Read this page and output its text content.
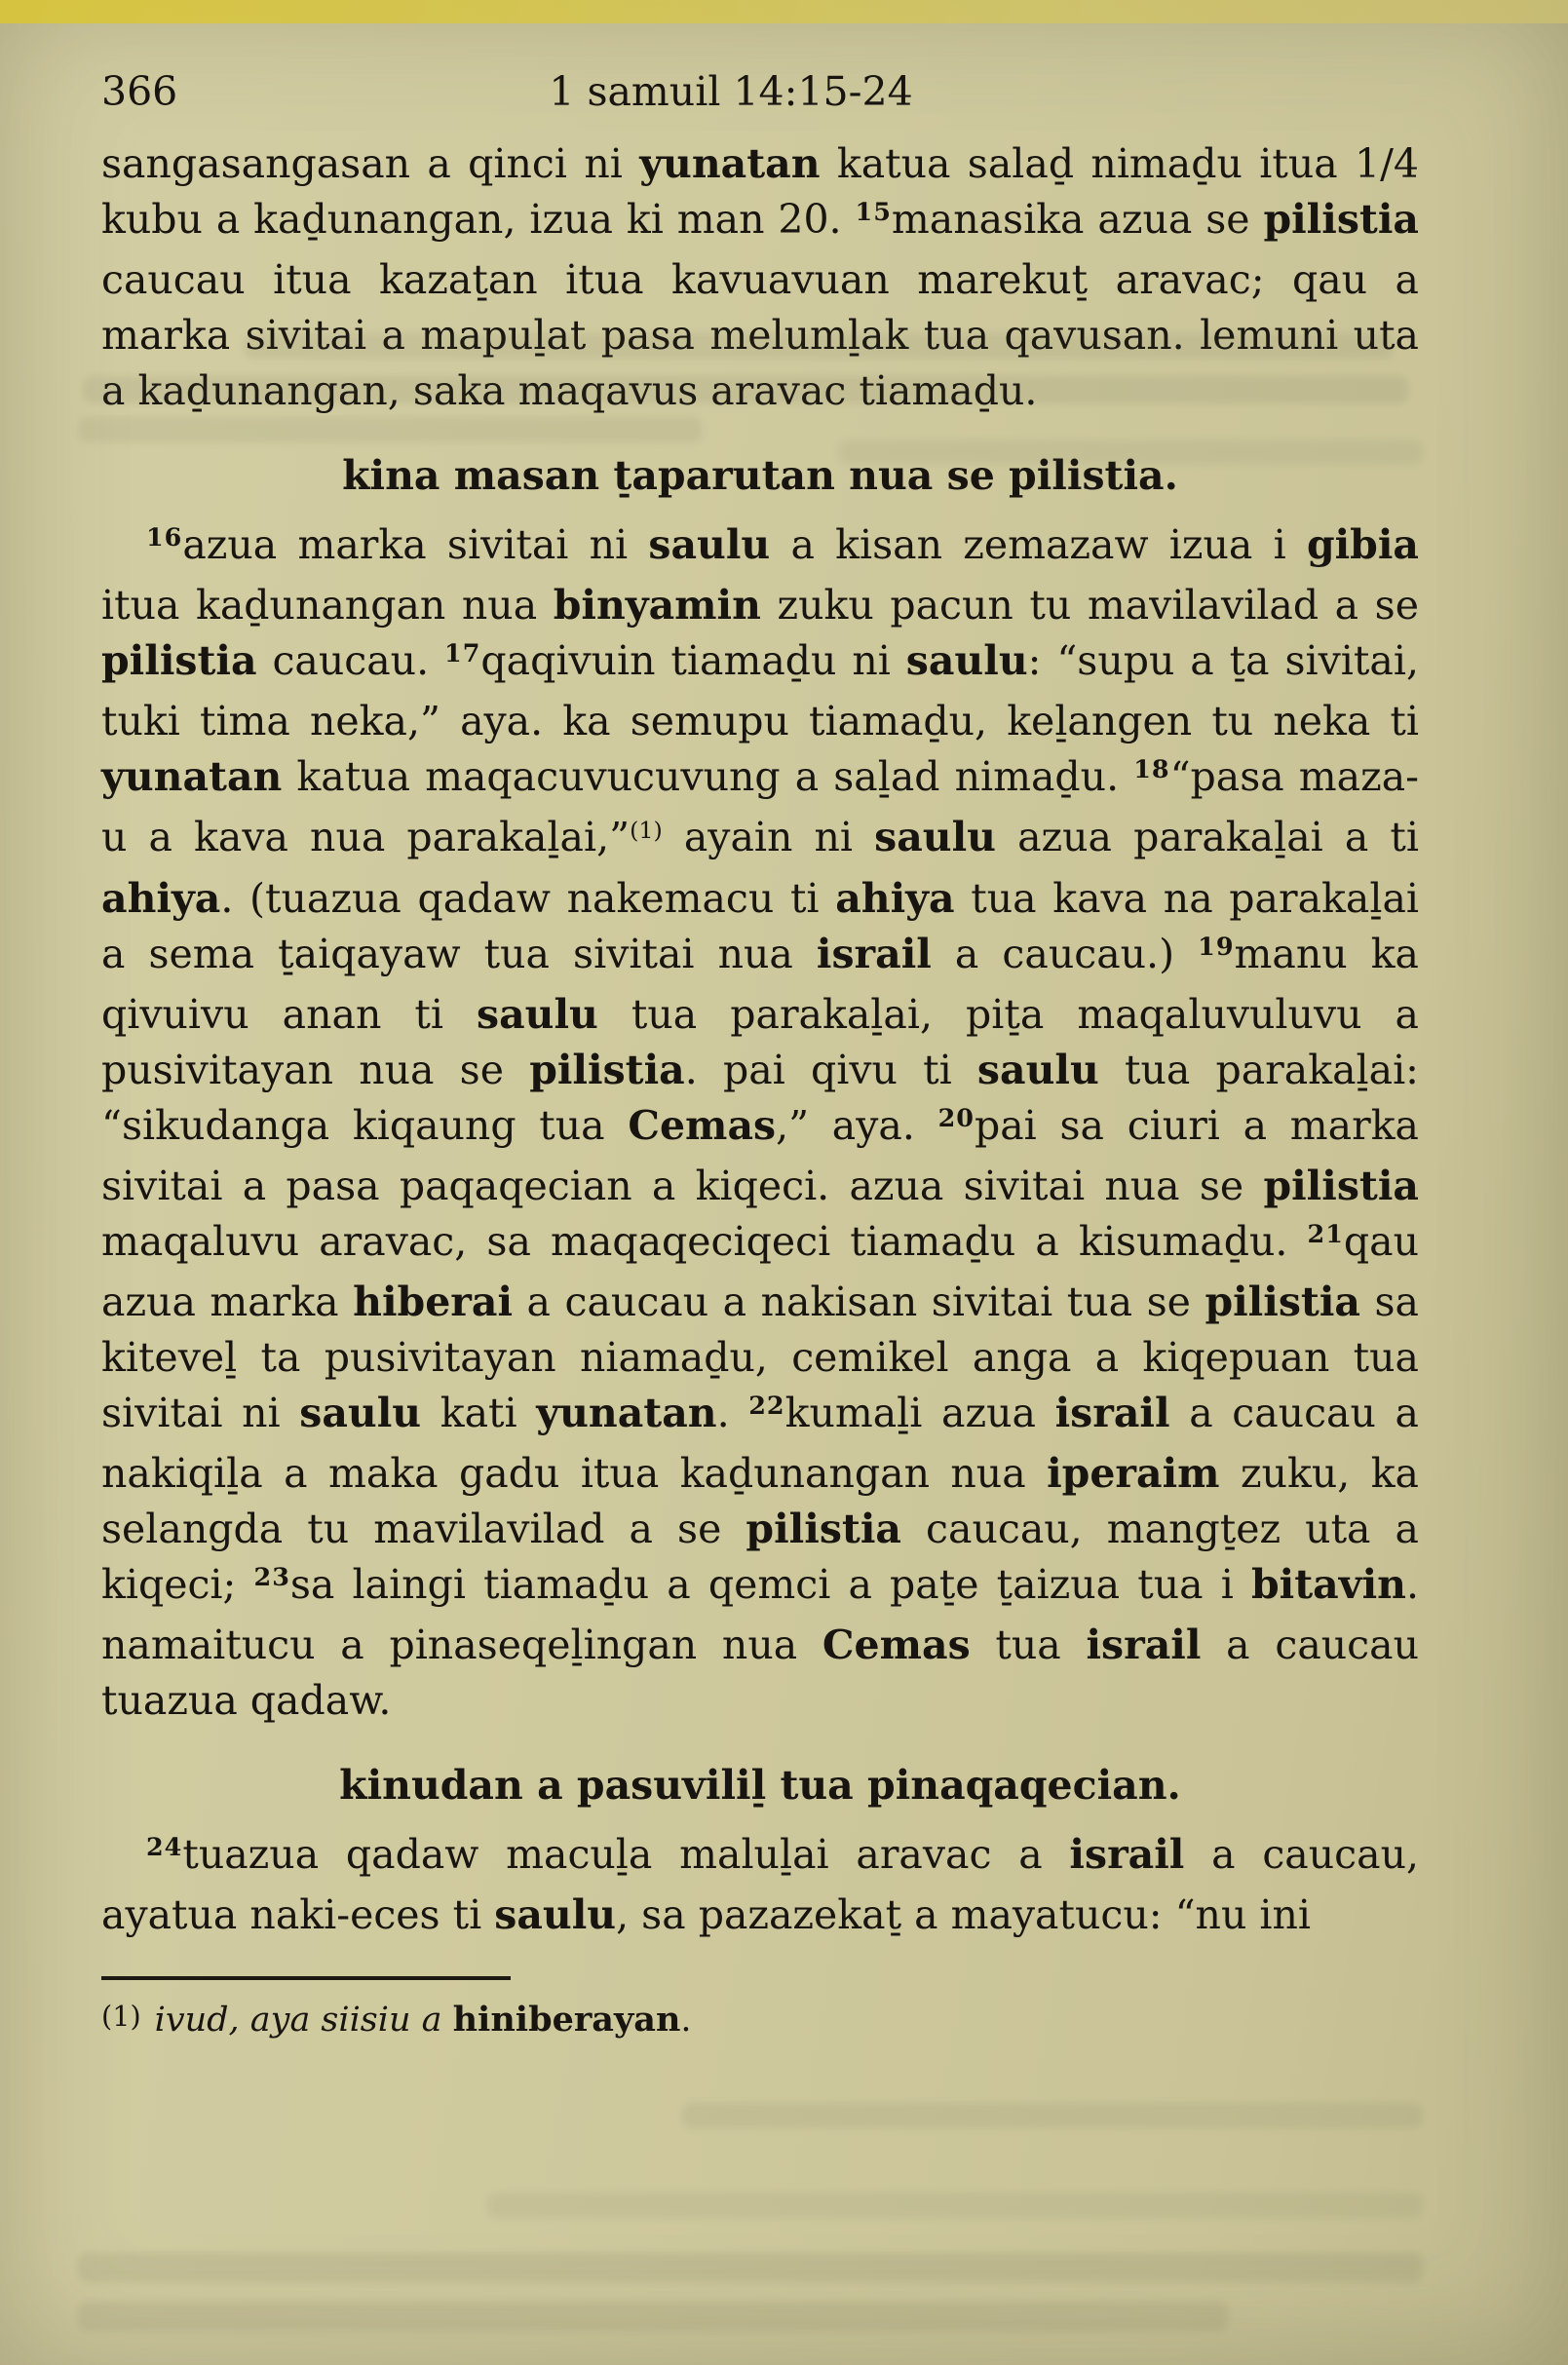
366	1 samuil 14:15-24

sangasangasan a qinci ni yunatan katua salad̠ nimad̠u itua 1/4 kubu a kad̠unangan, izua ki man 20. $^{15}$manasika azua se pilistia caucau itua kazat̠an itua kavuavuan marekut̠ aravac; qau a marka sivitai a mapul̠at pasa meluml̠ak tua qavusan. lemuni uta a kad̠unangan, saka maqavus aravac tiamad̠u.

kina masan t̠aparutan nua se pilistia.

$^{16}$azua marka sivitai ni saulu a kisan zemazaw izua i gibia itua kad̠unangan nua binyamin zuku pacun tu mavilavilad a se pilistia caucau. $^{17}$qaqivuin tiamad̠u ni saulu: “supu a t̠a sivitai, tuki tima neka,” aya. ka semupu tiamad̠u, kel̠angen tu neka ti yunatan katua maqacuvucuvung a sal̠ad nimad̠u. $^{18}$“pasa maza-u a kava nua parakal̠ai,”$^{(1)}$ ayain ni saulu azua parakal̠ai a ti ahiya. (tuazua qadaw nakemacu ti ahiya tua kava na parakal̠ai a sema t̠aiqayaw tua sivitai nua israil a caucau.) $^{19}$manu ka qivuivu anan ti saulu tua parakal̠ai, pit̠a maqaluvuluvu a pusivitayan nua se pilistia. pai qivu ti saulu tua parakal̠ai: “sikudanga kiqaung tua Cemas,” aya. $^{20}$pai sa ciuri a marka sivitai a pasa paqaqecian a kiqeci. azua sivitai nua se pilistia maqaluvu aravac, sa maqaqeciqeci tiamad̠u a kisumad̠u. $^{21}$qau azua marka hiberai a caucau a nakisan sivitai tua se pilistia sa kitevel̠ ta pusivitayan niamad̠u, cemikel anga a kiqepuan tua sivitai ni saulu kati yunatan. $^{22}$kumal̠i azua israil a caucau a nakiqil̠a a maka gadu itua kad̠unangan nua iperaim zuku, ka selangda tu mavilavilad a se pilistia caucau, mangt̠ez uta a kiqeci; $^{23}$sa laingi tiamad̠u a qemci a pat̠e t̠aizua tua i bitavin. namaitucu a pinaseqel̠ingan nua Cemas tua israil a caucau tuazua qadaw.

kinudan a pasuvilil̠ tua pinaqaqecian.

$^{24}$tuazua qadaw macul̠a malul̠ai aravac a israil a caucau, ayatua naki-eces ti saulu, sa pazazekat̠ a mayatucu: “nu ini

(1) ivud, aya siisiu a hiniberayan.
